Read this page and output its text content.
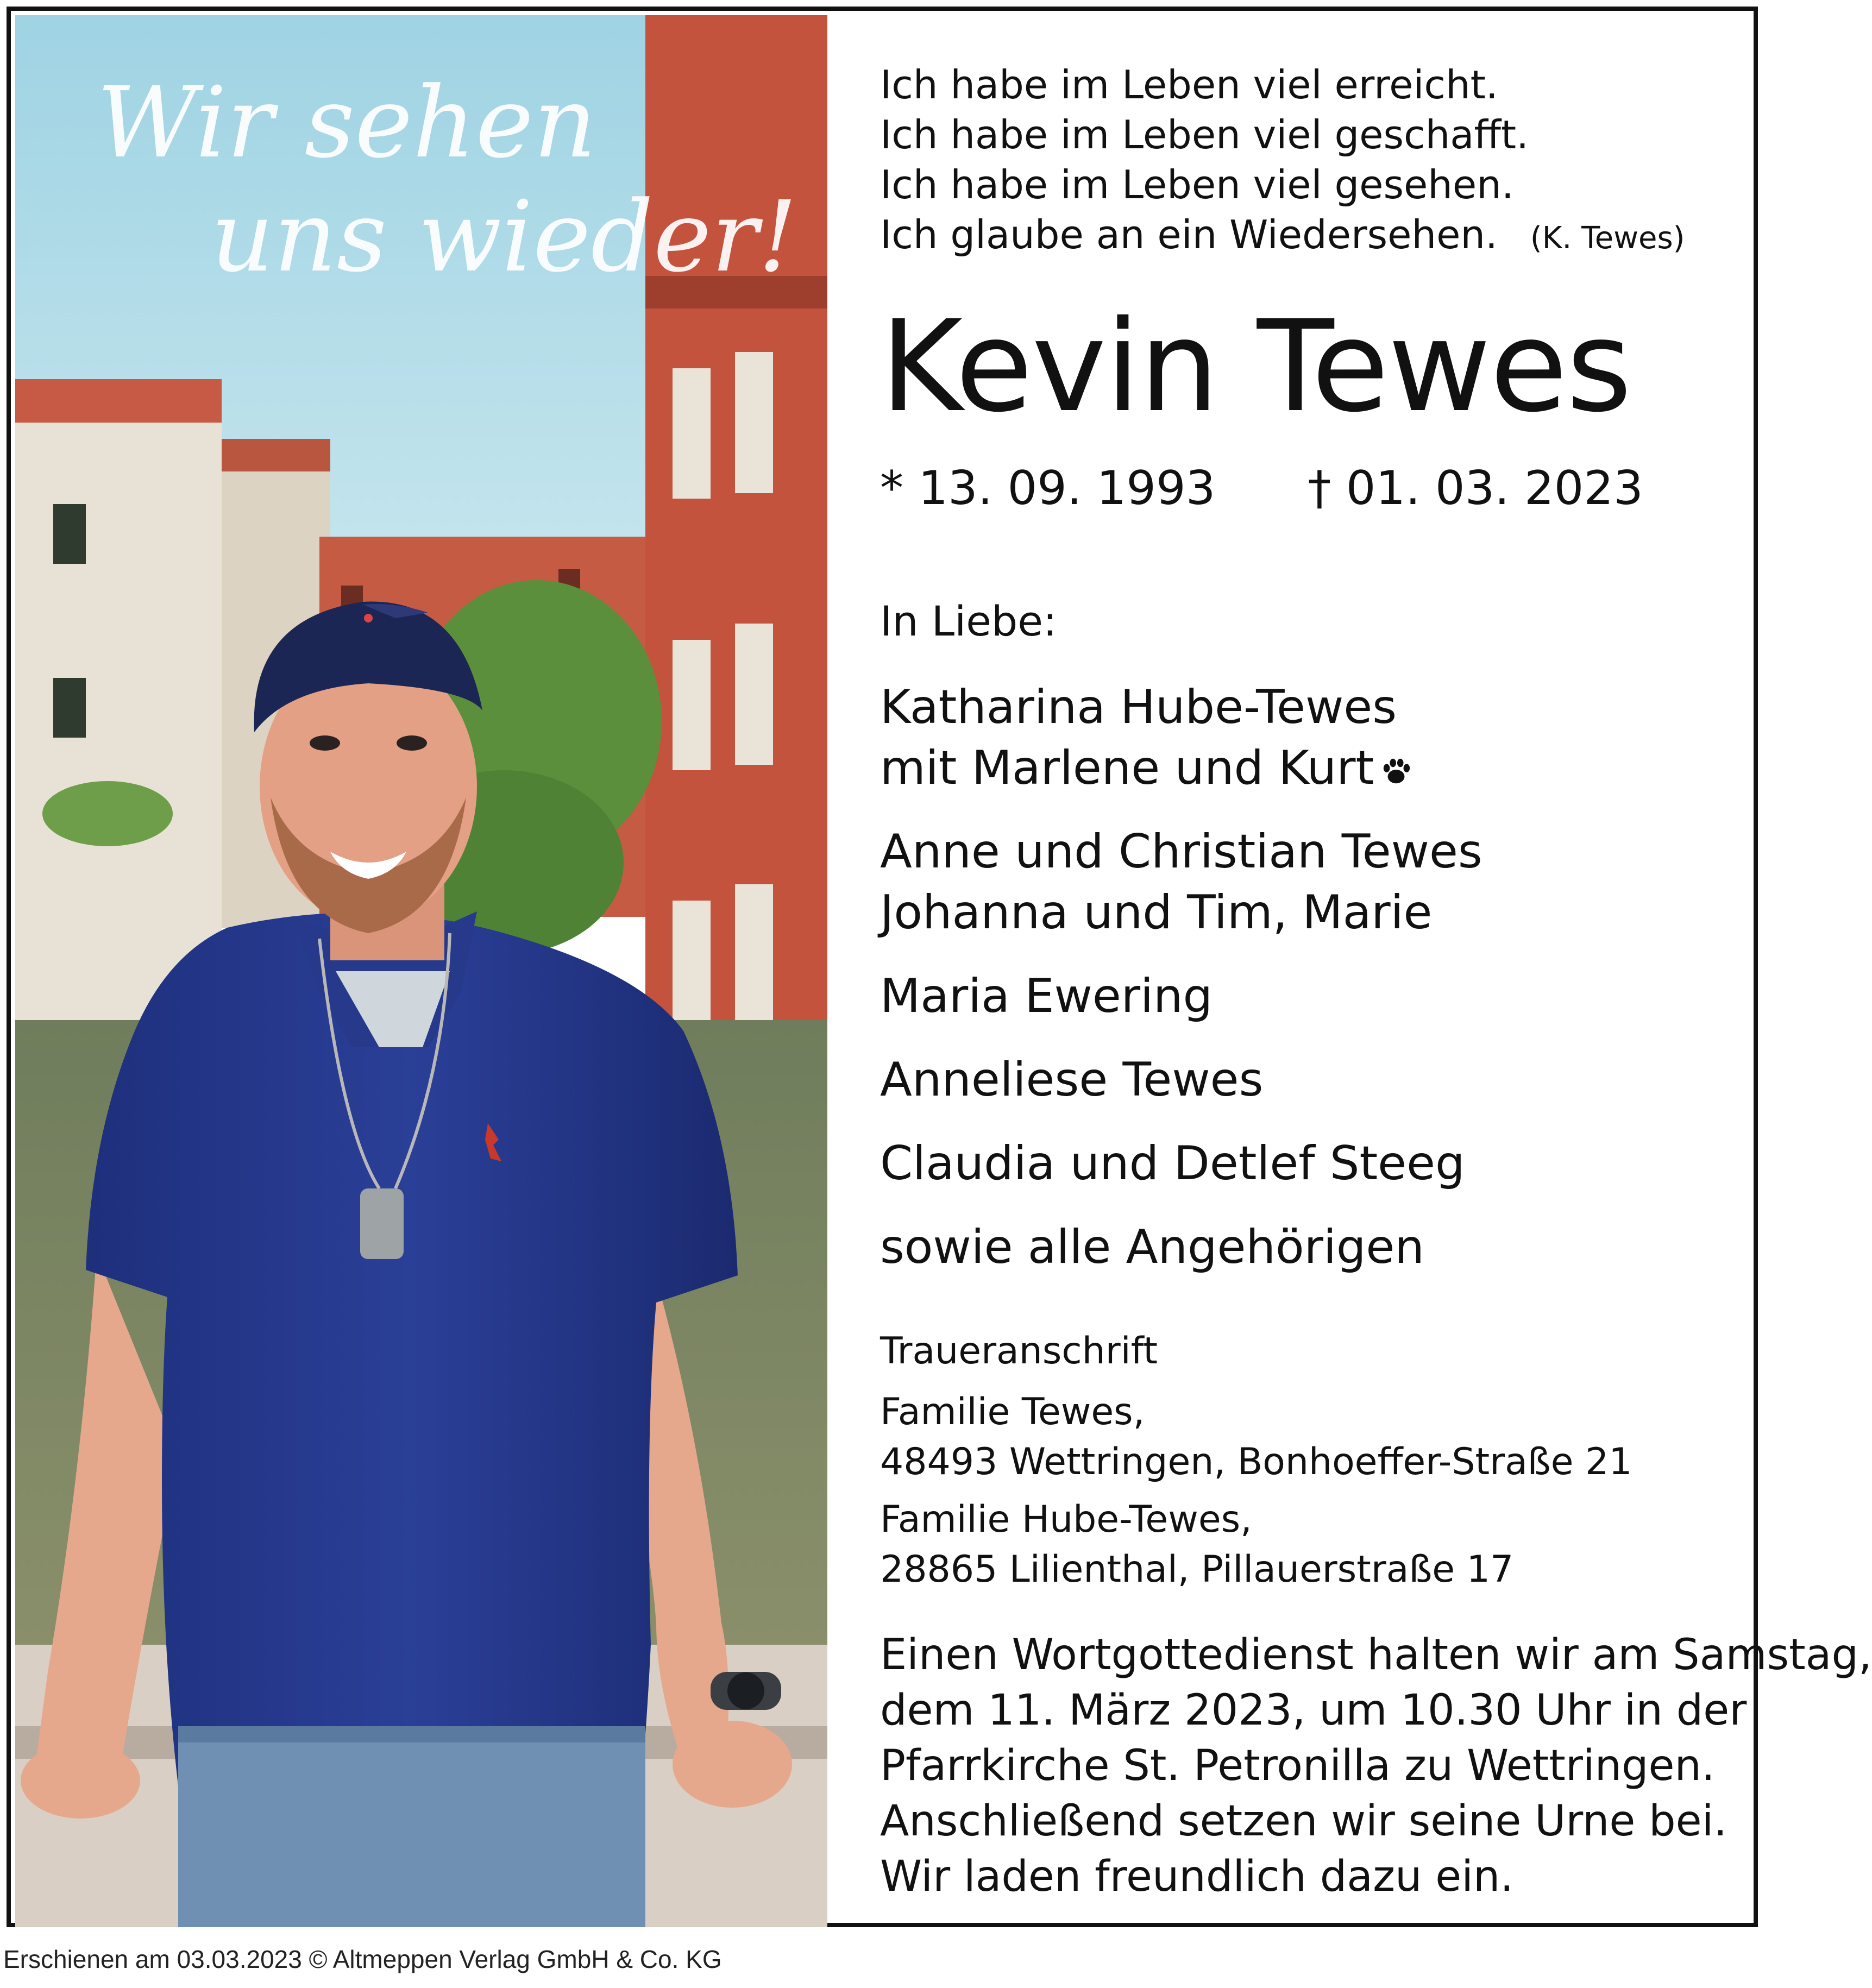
Wir sehen
uns wieder!
Ich habe im Leben viel erreicht.
Ich habe im Leben viel geschafft.
Ich habe im Leben viel gesehen.
Ich glaube an ein Wiedersehen. (K. Tewes)
Kevin Tewes
* 13. 09. 1993 † 01. 03. 2023
In Liebe:
Katharina Hube-Tewes
mit Marlene und Kurt
Anne und Christian Tewes
Johanna und Tim, Marie
Maria Ewering
Anneliese Tewes
Claudia und Detlef Steeg
sowie alle Angehörigen
Traueranschrift
Familie Tewes,
48493 Wettringen, Bonhoeffer-Straße 21
Familie Hube-Tewes,
28865 Lilienthal, Pillauerstraße 17
Einen Wortgottedienst halten wir am Samstag,
dem 11. März 2023, um 10.30 Uhr in der
Pfarrkirche St. Petronilla zu Wettringen.
Anschließend setzen wir seine Urne bei.
Wir laden freundlich dazu ein.
Erschienen am 03.03.2023 © Altmeppen Verlag GmbH & Co. KG
